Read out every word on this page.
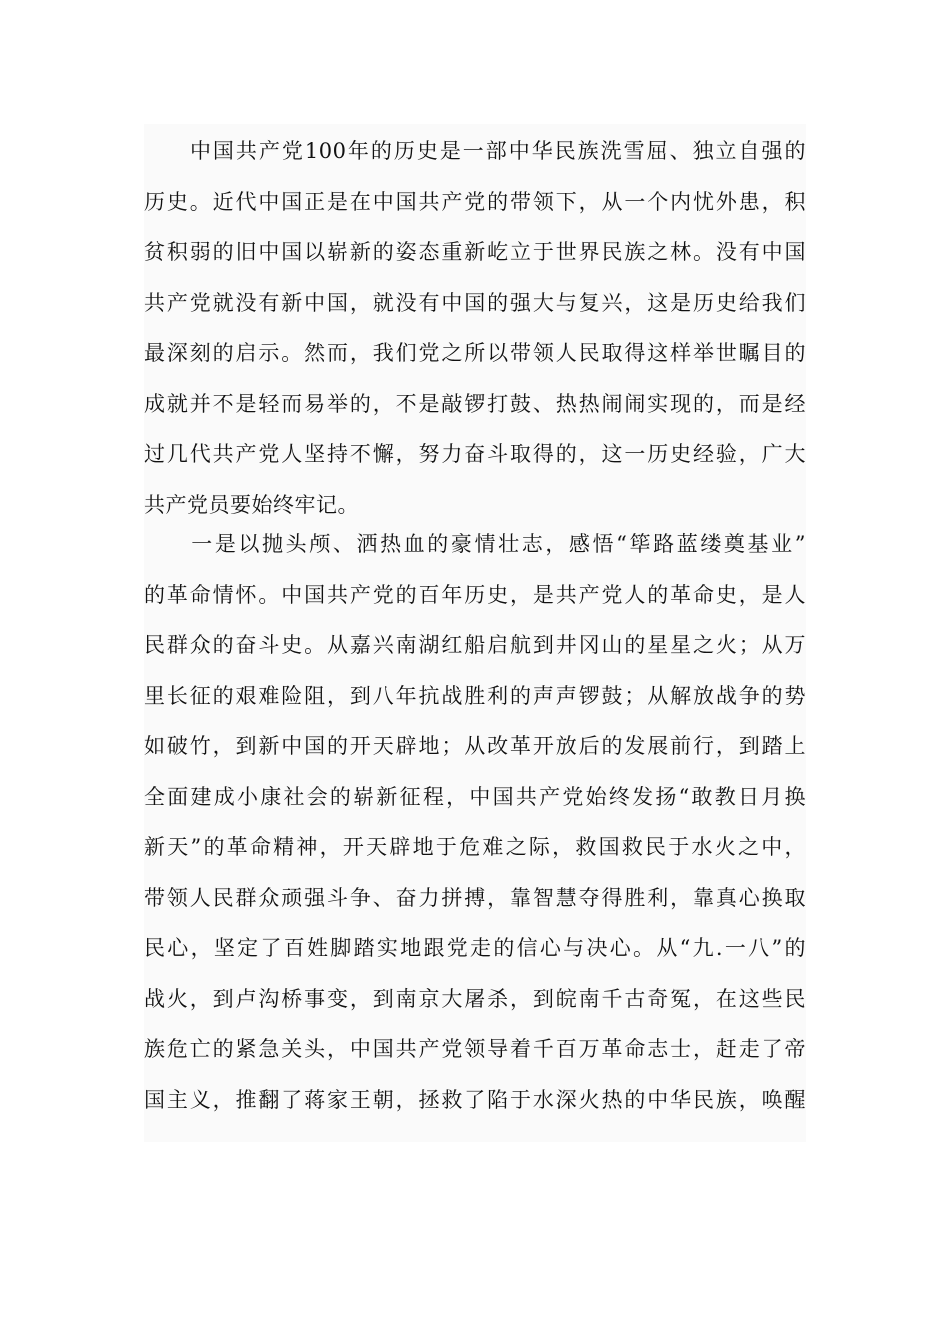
　　中国共产党100年的历史是一部中华民族洗雪屈、独立自强的
历史。近代中国正是在中国共产党的带领下，从一个内忧外患，积
贫积弱的旧中国以崭新的姿态重新屹立于世界民族之林。没有中国
共产党就没有新中国，就没有中国的强大与复兴，这是历史给我们
最深刻的启示。然而，我们党之所以带领人民取得这样举世瞩目的
成就并不是轻而易举的，不是敲锣打鼓、热热闹闹实现的，而是经
过几代共产党人坚持不懈，努力奋斗取得的，这一历史经验，广大
共产党员要始终牢记。
　　一是以抛头颅、洒热血的豪情壮志，感悟“筚路蓝缕奠基业”
的革命情怀。中国共产党的百年历史，是共产党人的革命史，是人
民群众的奋斗史。从嘉兴南湖红船启航到井冈山的星星之火；从万
里长征的艰难险阻，到八年抗战胜利的声声锣鼓；从解放战争的势
如破竹，到新中国的开天辟地；从改革开放后的发展前行，到踏上
全面建成小康社会的崭新征程，中国共产党始终发扬“敢教日月换
新天”的革命精神，开天辟地于危难之际，救国救民于水火之中，
带领人民群众顽强斗争、奋力拼搏，靠智慧夺得胜利，靠真心换取
民心，坚定了百姓脚踏实地跟党走的信心与决心。从“九.一八”的
战火，到卢沟桥事变，到南京大屠杀，到皖南千古奇冤，在这些民
族危亡的紧急关头，中国共产党领导着千百万革命志士，赶走了帝
国主义，推翻了蒋家王朝，拯救了陷于水深火热的中华民族，唤醒
